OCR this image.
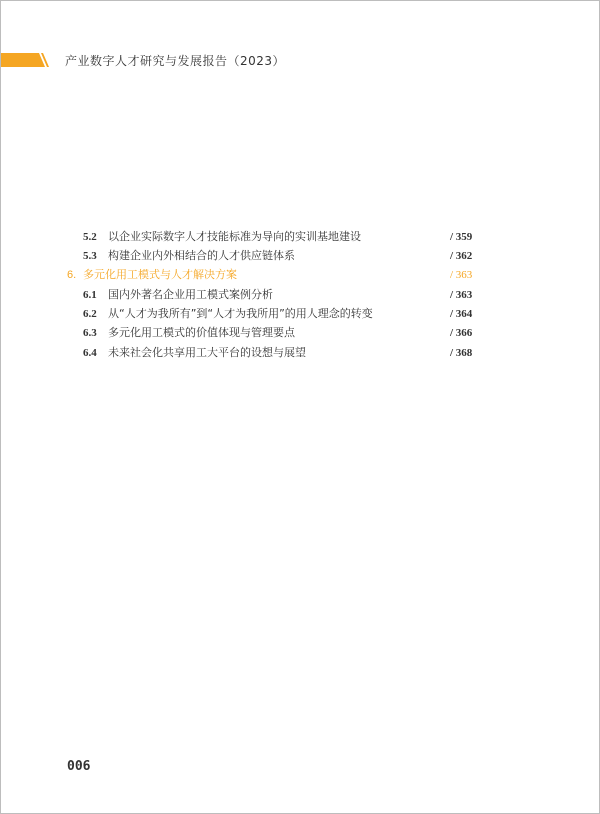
产业数字人才研究与发展报告（2023）
5.2	以企业实际数字人才技能标准为导向的实训基地建设	/ 359
5.3	构建企业内外相结合的人才供应链体系	/ 362
6. 多元化用工模式与人才解决方案	/ 363
6.1	国内外著名企业用工模式案例分析	/ 363
6.2	从“人才为我所有”到“人才为我所用”的用人理念的转变	/ 364
6.3	多元化用工模式的价值体现与管理要点	/ 366
6.4	未来社会化共享用工大平台的设想与展望	/ 368
006
